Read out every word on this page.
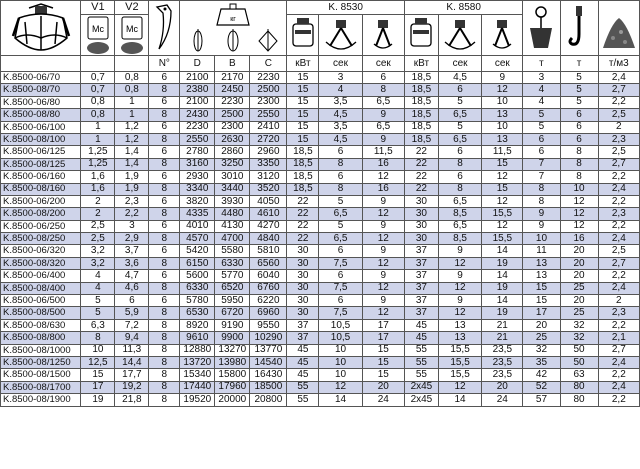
	V1	V2		кг			K. 8530			K. 8580	

Mc	Mc

			N°	D	B	C	кВт	сек	сек	кВт	сек	сек	т	т	т/м3
K.8500-06/70	0,7	0,8	6	2100	2170	2230	15	3	6	18,5	4,5	9	3	5	2,4
K.8500-08/70	0,7	0,8	8	2380	2450	2500	15	4	8	18,5	6	12	4	5	2,7
K.8500-06/80	0,8	1	6	2100	2230	2300	15	3,5	6,5	18,5	5	10	4	5	2,2
K.8500-08/80	0,8	1	8	2430	2500	2550	15	4,5	9	18,5	6,5	13	5	6	2,5
K.8500-06/100	1	1,2	6	2230	2300	2410	15	3,5	6,5	18,5	5	10	5	6	2
K.8500-08/100	1	1,2	8	2550	2630	2720	15	4,5	9	18,5	6,5	13	6	6	2,3
K.8500-06/125	1,25	1,4	6	2780	2860	2960	18,5	6	11,5	22	6	11,5	6	8	2,5
K.8500-08/125	1,25	1,4	8	3160	3250	3350	18,5	8	16	22	8	15	7	8	2,7
K.8500-06/160	1,6	1,9	6	2930	3010	3120	18,5	6	12	22	6	12	7	8	2,2
K.8500-08/160	1,6	1,9	8	3340	3440	3520	18,5	8	16	22	8	15	8	10	2,4
K.8500-06/200	2	2,3	6	3820	3930	4050	22	5	9	30	6,5	12	8	12	2,2
K.8500-08/200	2	2,2	8	4335	4480	4610	22	6,5	12	30	8,5	15,5	9	12	2,3
K.8500-06/250	2,5	3	6	4010	4130	4270	22	5	9	30	6,5	12	9	12	2,2
K.8500-08/250	2,5	2,9	8	4570	4700	4840	22	6,5	12	30	8,5	15,5	10	16	2,4
K.8500-06/320	3,2	3,7	6	5420	5580	5810	30	6	9	37	9	14	11	20	2,5
K.8500-08/320	3,2	3,6	8	6150	6330	6560	30	7,5	12	37	12	19	13	20	2,7
K.8500-06/400	4	4,7	6	5600	5770	6040	30	6	9	37	9	14	13	20	2,2
K.8500-08/400	4	4,6	8	6330	6520	6760	30	7,5	12	37	12	19	15	25	2,4
K.8500-06/500	5	6	6	5780	5950	6220	30	6	9	37	9	14	15	20	2
K.8500-08/500	5	5,9	8	6530	6720	6960	30	7,5	12	37	12	19	17	25	2,3
K.8500-08/630	6,3	7,2	8	8920	9190	9550	37	10,5	17	45	13	21	20	32	2,2
K.8500-08/800	8	9,4	8	9610	9900	10290	37	10,5	17	45	13	21	25	32	2,1
K.8500-08/1000	10	11,3	8	12880	13270	13770	45	10	15	55	15,5	23,5	32	50	2,7
K.8500-08/1250	12,5	14,4	8	13720	13980	14540	45	10	15	55	15,5	23,5	35	50	2,4
K.8500-08/1500	15	17,7	8	15340	15800	16430	45	10	15	55	15,5	23,5	42	63	2,2
K.8500-08/1700	17	19,2	8	17440	17960	18500	55	12	20	2x45	12	20	52	80	2,4
K.8500-08/1900	19	21,8	8	19520	20000	20800	55	14	24	2x45	14	24	57	80	2,2
